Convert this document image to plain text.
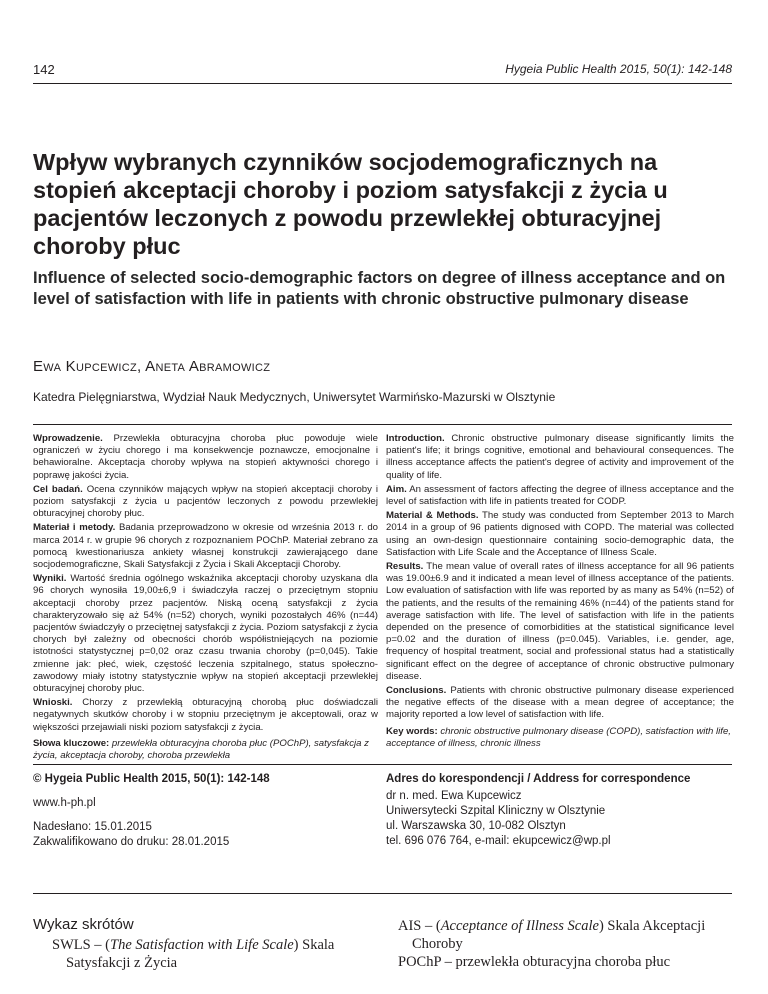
142	Hygeia Public Health 2015, 50(1): 142-148
Wpływ wybranych czynników socjodemograficznych na stopień akceptacji choroby i poziom satysfakcji z życia u pacjentów leczonych z powodu przewlekłej obturacyjnej choroby płuc
Influence of selected socio-demographic factors on degree of illness acceptance and on level of satisfaction with life in patients with chronic obstructive pulmonary disease
Ewa Kupcewicz, Aneta Abramowicz
Katedra Pielęgniarstwa, Wydział Nauk Medycznych, Uniwersytet Warmińsko-Mazurski w Olsztynie

Wprowadzenie. Przewlekła obturacyjna choroba płuc powoduje wiele ograniczeń w życiu chorego i ma konsekwencje poznawcze, emocjonalne i behawioralne. Akceptacja choroby wpływa na stopień aktywności chorego i poprawę jakości życia.

Cel badań. Ocena czynników mających wpływ na stopień akceptacji choroby i poziom satysfakcji z życia u pacjentów leczonych z powodu przewlekłej obturacyjnej choroby płuc.

Materiał i metody. Badania przeprowadzono w okresie od września 2013 r. do marca 2014 r. w grupie 96 chorych z rozpoznaniem POChP. Materiał zebrano za pomocą kwestionariusza ankiety własnej konstrukcji zawierającego dane socjodemograficzne, Skali Satysfakcji z Życia i Skali Akceptacji Choroby.

Wyniki. Wartość średnia ogólnego wskaźnika akceptacji choroby uzyskana dla 96 chorych wynosiła 19,00±6,9 i świadczyła raczej o przeciętnym stopniu akceptacji choroby przez pacjentów. Niską oceną satysfakcji z życia charakteryzowało się aż 54% (n=52) chorych, wyniki pozostałych 46% (n=44) pacjentów świadczyły o przeciętnej satysfakcji z życia. Poziom satysfakcji z życia chorych był zależny od obecności chorób współistniejących na poziomie istotności statystycznej p=0,02 oraz czasu trwania choroby (p=0,045). Takie zmienne jak: płeć, wiek, częstość leczenia szpitalnego, status społeczno-zawodowy miały istotny statystycznie wpływ na stopień akceptacji przewlekłej obturacyjnej choroby płuc.

Wnioski. Chorzy z przewlekłą obturacyjną chorobą płuc doświadczali negatywnych skutków choroby i w stopniu przeciętnym je akceptowali, oraz w większości przejawiali niski poziom satysfakcji z życia.

Słowa kluczowe: przewlekła obturacyjna choroba płuc (POChP), satysfakcja z życia, akceptacja choroby, choroba przewlekła

Introduction. Chronic obstructive pulmonary disease significantly limits the patient's life; it brings cognitive, emotional and behavioural consequences. The illness acceptance affects the patient's degree of activity and improvement of the quality of life.

Aim. An assessment of factors affecting the degree of illness acceptance and the level of satisfaction with life in patients treated for CODP.

Material & Methods. The study was conducted from September 2013 to March 2014 in a group of 96 patients dignosed with COPD. The material was collected using an own-design questionnaire containing socio-demographic data, the Satisfaction with Life Scale and the Acceptance of Illness Scale.

Results. The mean value of overall rates of illness acceptance for all 96 patients was 19.00±6.9 and it indicated a mean level of illness acceptance of the patients. Low evaluation of satisfaction with life was reported by as many as 54% (n=52) of the patients, and the results of the remaining 46% (n=44) of the patients stand for average satisfaction with life. The level of satisfaction with life in the patients depended on the presence of comorbidities at the statistical significance level p=0.02 and the duration of illness (p=0.045). Variables, i.e. gender, age, frequency of hospital treatment, social and professional status had a statistically significant effect on the degree of acceptance of chronic obstructive pulmonary disease.

Conclusions. Patients with chronic obstructive pulmonary disease experienced the negative effects of the disease with a mean degree of acceptance; the majority reported a low level of satisfaction with life.

Key words: chronic obstructive pulmonary disease (COPD), satisfaction with life, acceptance of illness, chronic illness
© Hygeia Public Health 2015, 50(1): 142-148
www.h-ph.pl
Nadesłano: 15.01.2015
Zakwalifikowano do druku: 28.01.2015
Adres do korespondencji / Address for correspondence
dr n. med. Ewa Kupcewicz
Uniwersytecki Szpital Kliniczny w Olsztynie
ul. Warszawska 30, 10-082 Olsztyn
tel. 696 076 764, e-mail: ekupcewicz@wp.pl
Wykaz skrótów

SWLS – (The Satisfaction with Life Scale) Skala Satysfakcji z Życia

AIS – (Acceptance of Illness Scale) Skala Akceptacji Choroby

POChP – przewlekła obturacyjna choroba płuc
